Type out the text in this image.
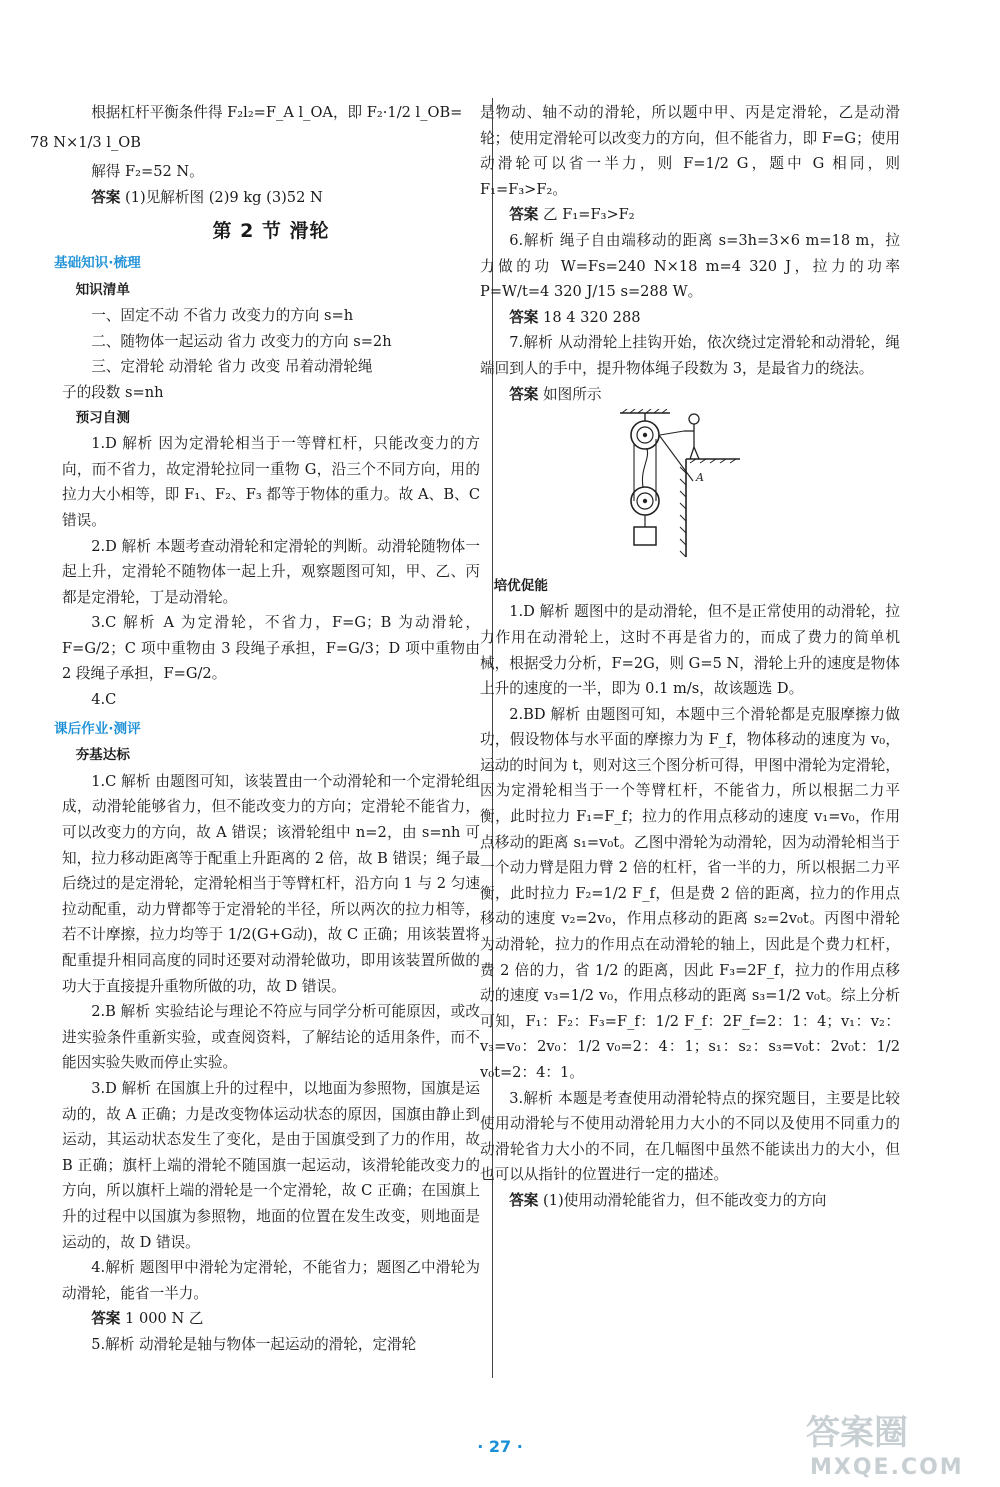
根据杠杆平衡条件得 F₂l₂=F_A l_OA，即 F₂·1/2 l_OB=

78 N×1/3 l_OB

解得 F₂=52 N。

答案 (1)见解析图 (2)9 kg (3)52 N

第 2 节 滑轮

基础知识·梳理

知识清单

一、固定不动 不省力 改变力的方向 s=h

二、随物体一起运动 省力 改变力的方向 s=2h

三、定滑轮 动滑轮 省力 改变 吊着动滑轮绳

子的段数 s=nh

预习自测

1.D 解析 因为定滑轮相当于一等臂杠杆，只能改变力的方向，而不省力，故定滑轮拉同一重物 G，沿三个不同方向，用的拉力大小相等，即 F₁、F₂、F₃ 都等于物体的重力。故 A、B、C 错误。

2.D 解析 本题考查动滑轮和定滑轮的判断。动滑轮随物体一起上升，定滑轮不随物体一起上升，观察题图可知，甲、乙、丙都是定滑轮，丁是动滑轮。

3.C 解析 A 为定滑轮，不省力，F=G；B 为动滑轮，F=G/2；C 项中重物由 3 段绳子承担，F=G/3；D 项中重物由 2 段绳子承担，F=G/2。

4.C

课后作业·测评

夯基达标

1.C 解析 由题图可知，该装置由一个动滑轮和一个定滑轮组成，动滑轮能够省力，但不能改变力的方向；定滑轮不能省力，可以改变力的方向，故 A 错误；该滑轮组中 n=2，由 s=nh 可知，拉力移动距离等于配重上升距离的 2 倍，故 B 错误；绳子最后绕过的是定滑轮，定滑轮相当于等臂杠杆，沿方向 1 与 2 匀速拉动配重，动力臂都等于定滑轮的半径，所以两次的拉力相等，若不计摩擦，拉力均等于 1/2(G+G动)，故 C 正确；用该装置将配重提升相同高度的同时还要对动滑轮做功，即用该装置所做的功大于直接提升重物所做的功，故 D 错误。

2.B 解析 实验结论与理论不符应与同学分析可能原因，或改进实验条件重新实验，或查阅资料，了解结论的适用条件，而不能因实验失败而停止实验。

3.D 解析 在国旗上升的过程中，以地面为参照物，国旗是运动的，故 A 正确；力是改变物体运动状态的原因，国旗由静止到运动，其运动状态发生了变化，是由于国旗受到了力的作用，故 B 正确；旗杆上端的滑轮不随国旗一起运动，该滑轮能改变力的方向，所以旗杆上端的滑轮是一个定滑轮，故 C 正确；在国旗上升的过程中以国旗为参照物，地面的位置在发生改变，则地面是运动的，故 D 错误。

4.解析 题图甲中滑轮为定滑轮，不能省力；题图乙中滑轮为动滑轮，能省一半力。

答案 1 000 N 乙

5.解析 动滑轮是轴与物体一起运动的滑轮，定滑轮

是物动、轴不动的滑轮，所以题中甲、丙是定滑轮，乙是动滑轮；使用定滑轮可以改变力的方向，但不能省力，即 F=G；使用动滑轮可以省一半力，则 F=1/2 G，题中 G 相同，则 F₁=F₃>F₂。

答案 乙 F₁=F₃>F₂

6.解析 绳子自由端移动的距离 s=3h=3×6 m=18 m，拉力做的功 W=Fs=240 N×18 m=4 320 J，拉力的功率 P=W/t=4 320 J/15 s=288 W。

答案 18 4 320 288

7.解析 从动滑轮上挂钩开始，依次绕过定滑轮和动滑轮，绳端回到人的手中，提升物体绳子段数为 3，是最省力的绕法。

答案 如图所示

A

培优促能

1.D 解析 题图中的是动滑轮，但不是正常使用的动滑轮，拉力作用在动滑轮上，这时不再是省力的，而成了费力的简单机械，根据受力分析，F=2G，则 G=5 N，滑轮上升的速度是物体上升的速度的一半，即为 0.1 m/s，故该题选 D。

2.BD 解析 由题图可知，本题中三个滑轮都是克服摩擦力做功，假设物体与水平面的摩擦力为 F_f，物体移动的速度为 v₀，运动的时间为 t，则对这三个图分析可得，甲图中滑轮为定滑轮，因为定滑轮相当于一个等臂杠杆，不能省力，所以根据二力平衡，此时拉力 F₁=F_f；拉力的作用点移动的速度 v₁=v₀，作用点移动的距离 s₁=v₀t。乙图中滑轮为动滑轮，因为动滑轮相当于一个动力臂是阻力臂 2 倍的杠杆，省一半的力，所以根据二力平衡，此时拉力 F₂=1/2 F_f，但是费 2 倍的距离，拉力的作用点移动的速度 v₂=2v₀，作用点移动的距离 s₂=2v₀t。丙图中滑轮为动滑轮，拉力的作用点在动滑轮的轴上，因此是个费力杠杆，费 2 倍的力，省 1/2 的距离，因此 F₃=2F_f，拉力的作用点移动的速度 v₃=1/2 v₀，作用点移动的距离 s₃=1/2 v₀t。综上分析可知，F₁：F₂：F₃=F_f：1/2 F_f：2F_f=2：1：4；v₁：v₂：v₃=v₀：2v₀：1/2 v₀=2：4：1；s₁：s₂：s₃=v₀t：2v₀t：1/2 v₀t=2：4：1。

3.解析 本题是考查使用动滑轮特点的探究题目，主要是比较使用动滑轮与不使用动滑轮用力大小的不同以及使用不同重力的动滑轮省力大小的不同，在几幅图中虽然不能读出力的大小，但也可以从指针的位置进行一定的描述。

答案 (1)使用动滑轮能省力，但不能改变力的方向

· 27 ·	答案圈
MXQE.COM
